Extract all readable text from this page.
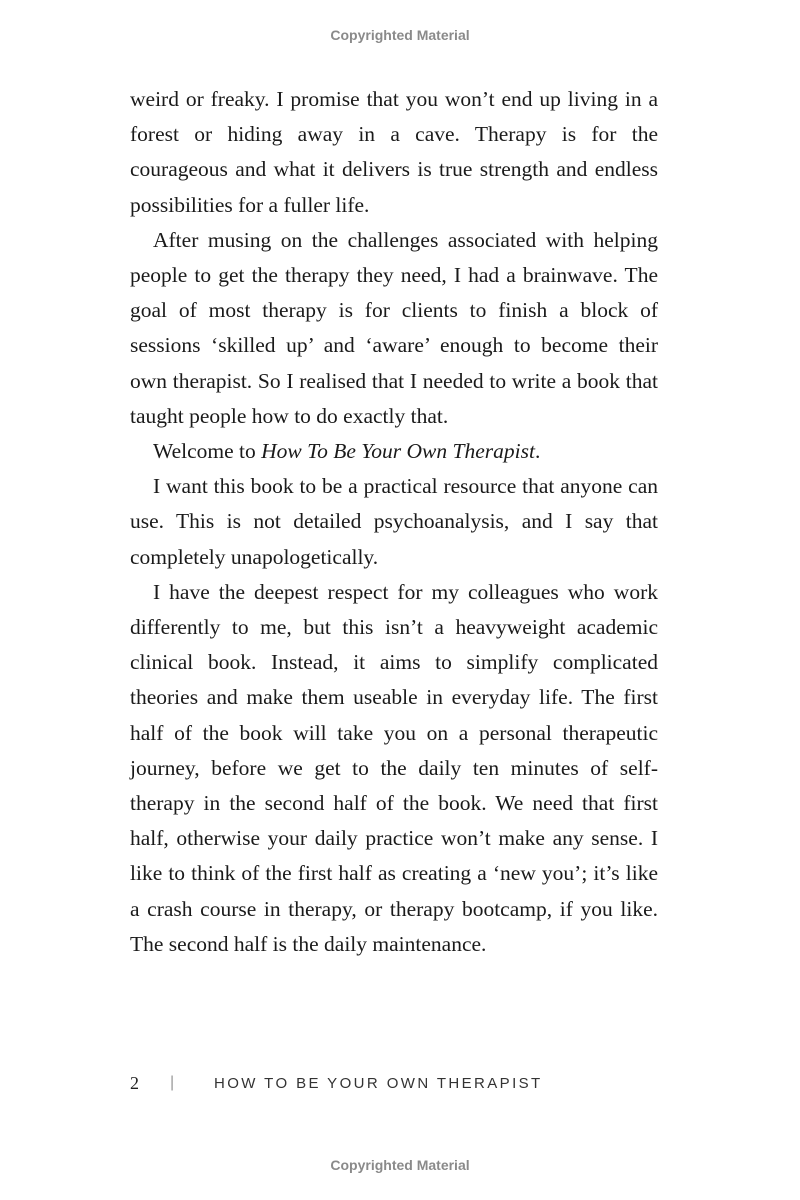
Copyrighted Material

weird or freaky. I promise that you won’t end up living in a forest or hiding away in a cave. Therapy is for the courageous and what it delivers is true strength and endless possibilities for a fuller life.

After musing on the challenges associated with helping people to get the therapy they need, I had a brainwave. The goal of most therapy is for clients to finish a block of sessions ‘skilled up’ and ‘aware’ enough to become their own therapist. So I realised that I needed to write a book that taught people how to do exactly that.

Welcome to How To Be Your Own Therapist.

I want this book to be a practical resource that anyone can use. This is not detailed psychoanalysis, and I say that completely unapologetically.

I have the deepest respect for my colleagues who work differently to me, but this isn’t a heavyweight academic clinical book. Instead, it aims to simplify complicated theories and make them useable in everyday life. The first half of the book will take you on a personal therapeutic journey, before we get to the daily ten minutes of self-therapy in the second half of the book. We need that first half, otherwise your daily practice won’t make any sense. I like to think of the first half as creating a ‘new you’; it’s like a crash course in therapy, or therapy bootcamp, if you like. The second half is the daily maintenance.

2	|	HOW TO BE YOUR OWN THERAPIST
Copyrighted Material
